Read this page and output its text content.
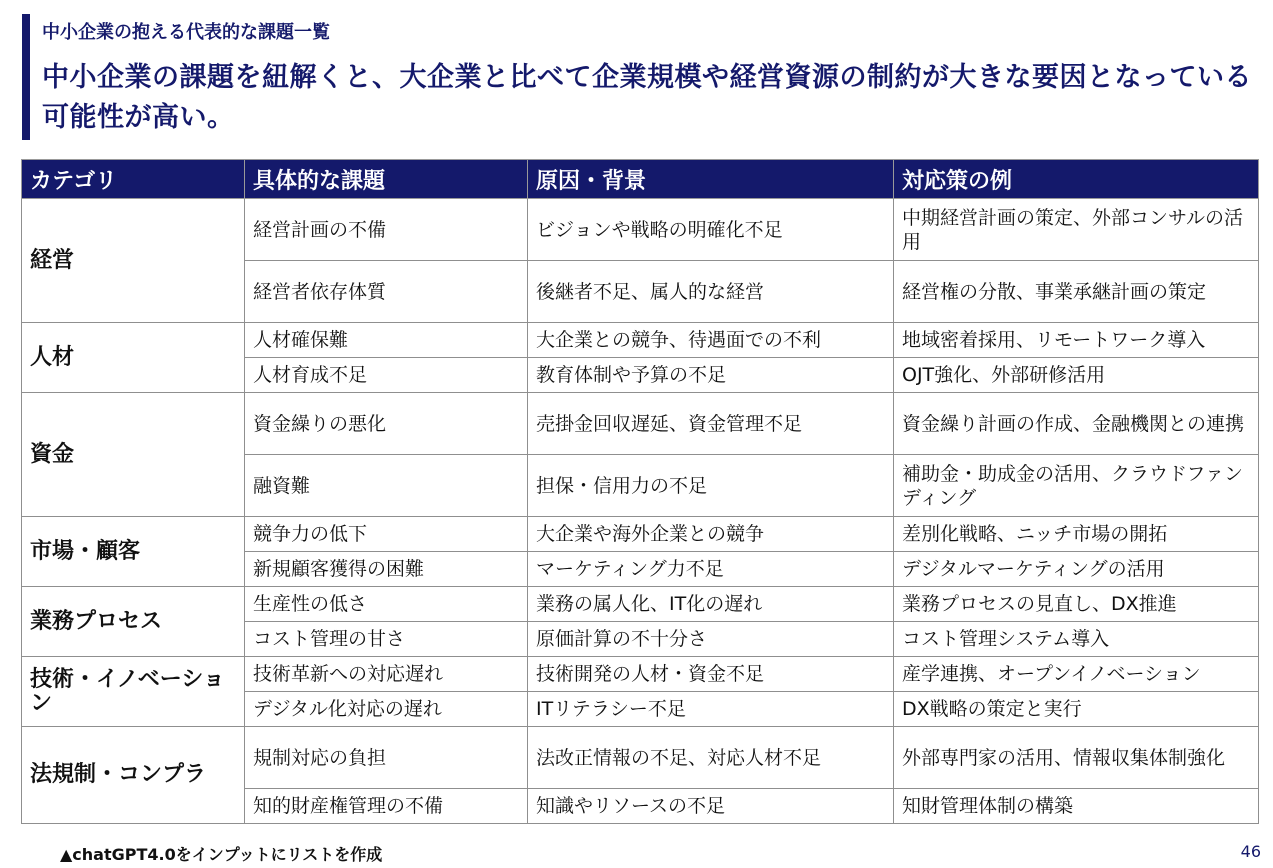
中小企業の抱える代表的な課題一覧
中小企業の課題を紐解くと、大企業と比べて企業規模や経営資源の制約が大きな要因となっている可能性が高い。
カテゴリ	具体的な課題	原因・背景	対応策の例
経営	経営計画の不備	ビジョンや戦略の明確化不足	中期経営計画の策定、外部コンサルの活用
	経営者依存体質	後継者不足、属人的な経営	経営権の分散、事業承継計画の策定
人材	人材確保難	大企業との競争、待遇面での不利	地域密着採用、リモートワーク導入
	人材育成不足	教育体制や予算の不足	OJT強化、外部研修活用
資金	資金繰りの悪化	売掛金回収遅延、資金管理不足	資金繰り計画の作成、金融機関との連携
	融資難	担保・信用力の不足	補助金・助成金の活用、クラウドファンディング
市場・顧客	競争力の低下	大企業や海外企業との競争	差別化戦略、ニッチ市場の開拓
	新規顧客獲得の困難	マーケティング力不足	デジタルマーケティングの活用
業務プロセス	生産性の低さ	業務の属人化、IT化の遅れ	業務プロセスの見直し、DX推進
	コスト管理の甘さ	原価計算の不十分さ	コスト管理システム導入
技術・イノベーション	技術革新への対応遅れ	技術開発の人材・資金不足	産学連携、オープンイノベーション
	デジタル化対応の遅れ	ITリテラシー不足	DX戦略の策定と実行
法規制・コンプラ	規制対応の負担	法改正情報の不足、対応人材不足	外部専門家の活用、情報収集体制強化
	知的財産権管理の不備	知識やリソースの不足	知財管理体制の構築
▲chatGPT4.0をインプットにリストを作成	46
